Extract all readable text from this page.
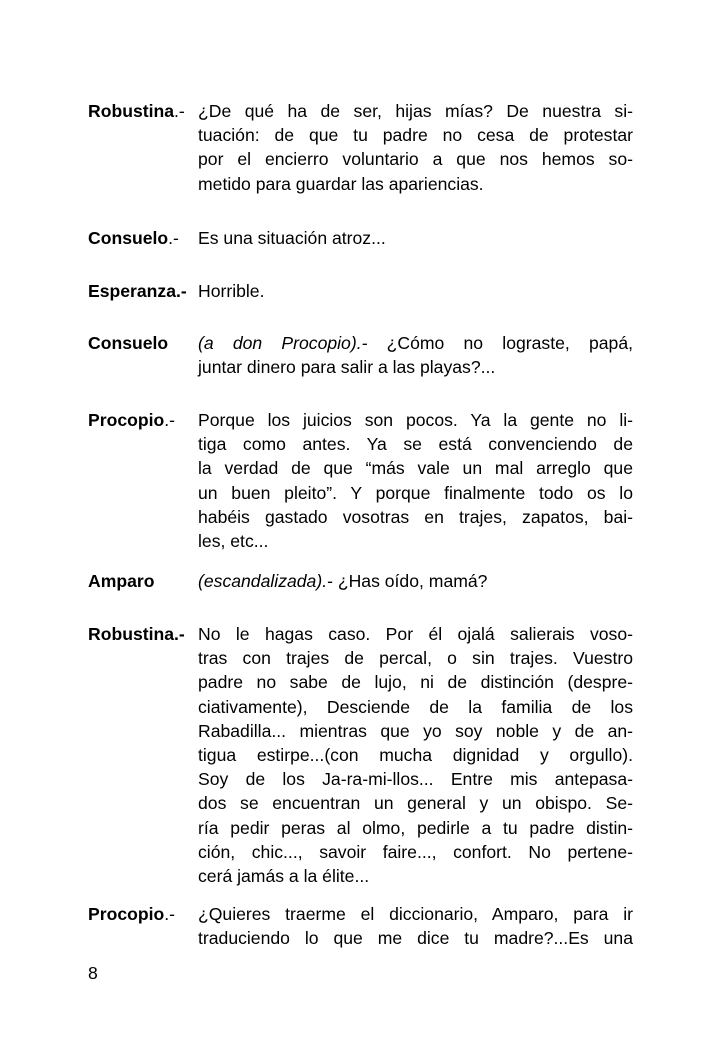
Robustina.- ¿De qué ha de ser, hijas mías? De nuestra si-
tuación: de que tu padre no cesa de protestar
por el encierro voluntario a que nos hemos so-
metido para guardar las apariencias.
Consuelo.- Es una situación atroz...
Esperanza.- Horrible.
Consuelo (a don Procopio).- ¿Cómo no lograste, papá,
juntar dinero para salir a las playas?...
Procopio.- Porque los juicios son pocos. Ya la gente no li-
tiga como antes. Ya se está convenciendo de
la verdad de que “más vale un mal arreglo que
un buen pleito”. Y porque finalmente todo os lo
habéis gastado vosotras en trajes, zapatos, bai-
les, etc...
Amparo (escandalizada).- ¿Has oído, mamá?
Robustina.- No le hagas caso. Por él ojalá salierais voso-
tras con trajes de percal, o sin trajes. Vuestro
padre no sabe de lujo, ni de distinción (despre-
ciativamente), Desciende de la familia de los
Rabadilla... mientras que yo soy noble y de an-
tigua estirpe...(con mucha dignidad y orgullo).
Soy de los Ja-ra-mi-llos... Entre mis antepasa-
dos se encuentran un general y un obispo. Se-
ría pedir peras al olmo, pedirle a tu padre distin-
ción, chic..., savoir faire..., confort. No pertene-
cerá jamás a la élite...
Procopio.- ¿Quieres traerme el diccionario, Amparo, para ir
traduciendo lo que me dice tu madre?...Es una
8
